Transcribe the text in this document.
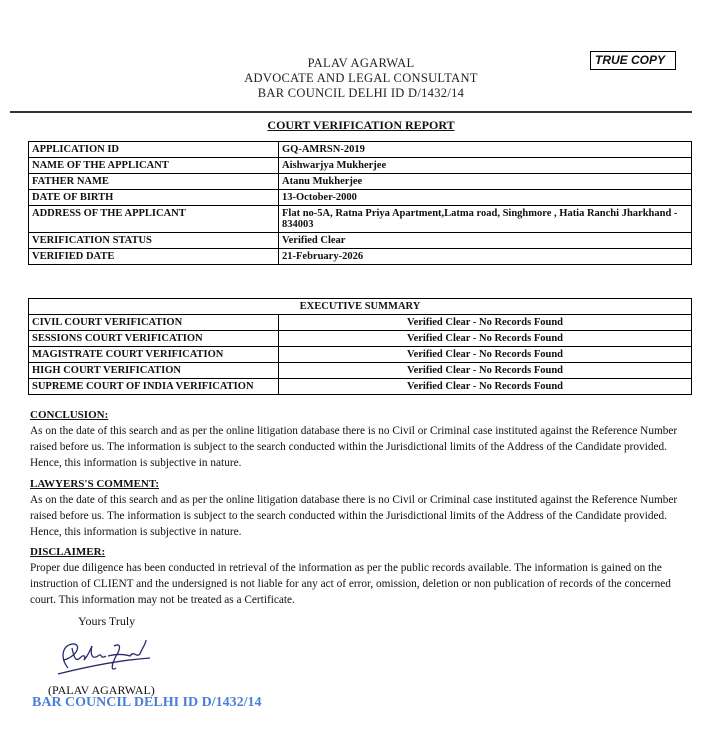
PALAV AGARWAL
ADVOCATE AND LEGAL CONSULTANT
BAR COUNCIL DELHI ID D/1432/14
TRUE COPY
COURT VERIFICATION REPORT
APPLICATION ID	GQ-AMRSN-2019
NAME OF THE APPLICANT	Aishwarjya Mukherjee
FATHER NAME	Atanu Mukherjee
DATE OF BIRTH	13-October-2000
ADDRESS OF THE APPLICANT	Flat no-5A, Ratna Priya Apartment,Latma road, Singhmore , Hatia Ranchi Jharkhand - 834003
VERIFICATION STATUS	Verified Clear
VERIFIED DATE	21-February-2026
EXECUTIVE SUMMARY	
CIVIL COURT VERIFICATION	Verified Clear - No Records Found
SESSIONS COURT VERIFICATION	Verified Clear - No Records Found
MAGISTRATE COURT VERIFICATION	Verified Clear - No Records Found
HIGH COURT VERIFICATION	Verified Clear - No Records Found
SUPREME COURT OF INDIA VERIFICATION	Verified Clear - No Records Found
CONCLUSION:
As on the date of this search and as per the online litigation database there is no Civil or Criminal case instituted against the Reference Number raised before us. The information is subject to the search conducted within the Jurisdictional limits of the Address of the Candidate provided. Hence, this information is subjective in nature.
LAWYERS'S COMMENT:
As on the date of this search and as per the online litigation database there is no Civil or Criminal case instituted against the Reference Number raised before us. The information is subject to the search conducted within the Jurisdictional limits of the Address of the Candidate provided. Hence, this information is subjective in nature.
DISCLAIMER:
Proper due diligence has been conducted in retrieval of the information as per the public records available. The information is gained on the instruction of CLIENT and the undersigned is not liable for any act of error, omission, deletion or non publication of records of the concerned court. This information may not be treated as a Certificate.
Yours Truly
(PALAV AGARWAL)
BAR COUNCIL DELHI ID D/1432/14
